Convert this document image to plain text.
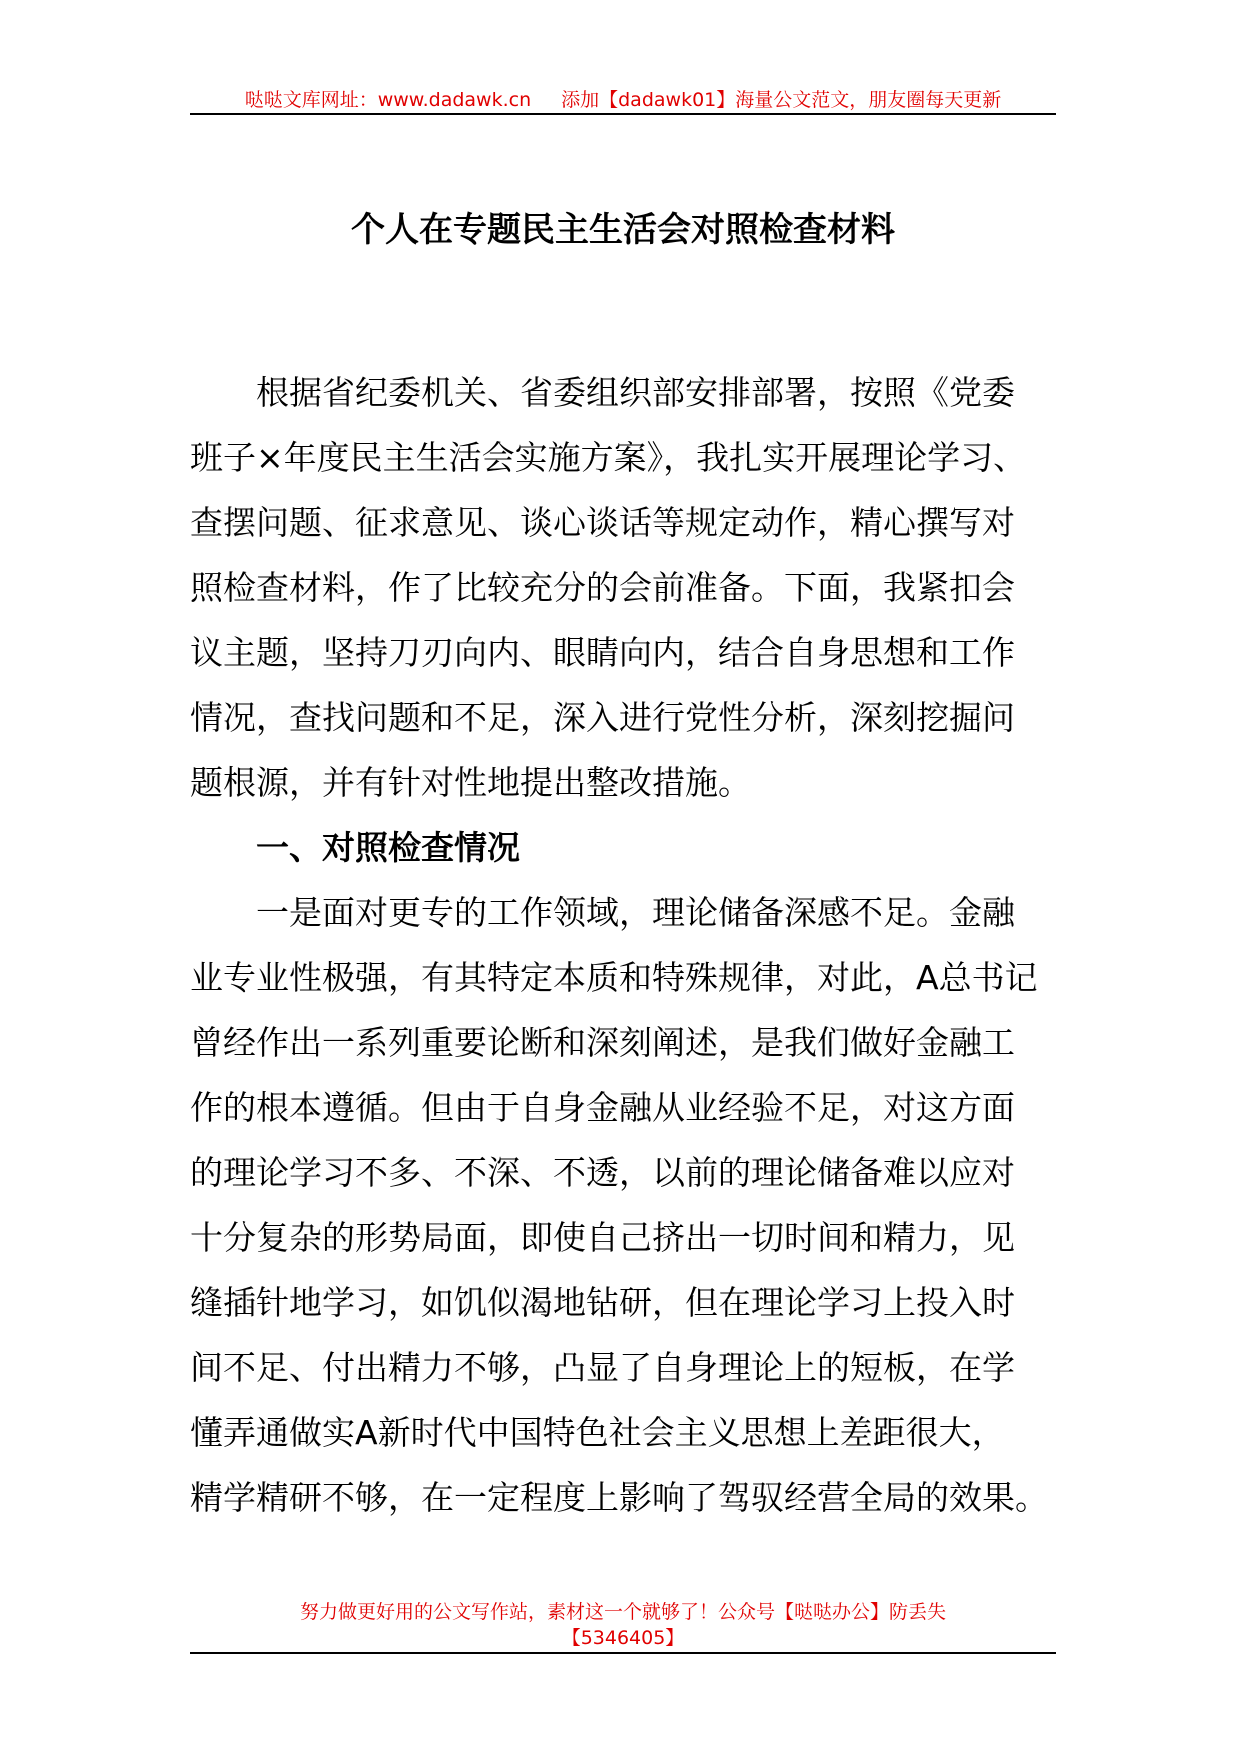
哒哒文库网址：www.dadawk.cn 添加【dadawk01】海量公文范文，朋友圈每天更新
个人在专题民主生活会对照检查材料
根据省纪委机关、省委组织部安排部署，按照《党委
班子×年度民主生活会实施方案》，我扎实开展理论学习、
查摆问题、征求意见、谈心谈话等规定动作，精心撰写对
照检查材料，作了比较充分的会前准备。下面，我紧扣会
议主题，坚持刀刃向内、眼睛向内，结合自身思想和工作
情况，查找问题和不足，深入进行党性分析，深刻挖掘问
题根源，并有针对性地提出整改措施。
一、对照检查情况
一是面对更专的工作领域，理论储备深感不足。金融
业专业性极强，有其特定本质和特殊规律，对此，A总书记
曾经作出一系列重要论断和深刻阐述，是我们做好金融工
作的根本遵循。但由于自身金融从业经验不足，对这方面
的理论学习不多、不深、不透，以前的理论储备难以应对
十分复杂的形势局面，即使自己挤出一切时间和精力，见
缝插针地学习，如饥似渴地钻研，但在理论学习上投入时
间不足、付出精力不够，凸显了自身理论上的短板，在学
懂弄通做实A新时代中国特色社会主义思想上差距很大，
精学精研不够，在一定程度上影响了驾驭经营全局的效果。
努力做更好用的公文写作站，素材这一个就够了！公众号【哒哒办公】防丢失
【5346405】
